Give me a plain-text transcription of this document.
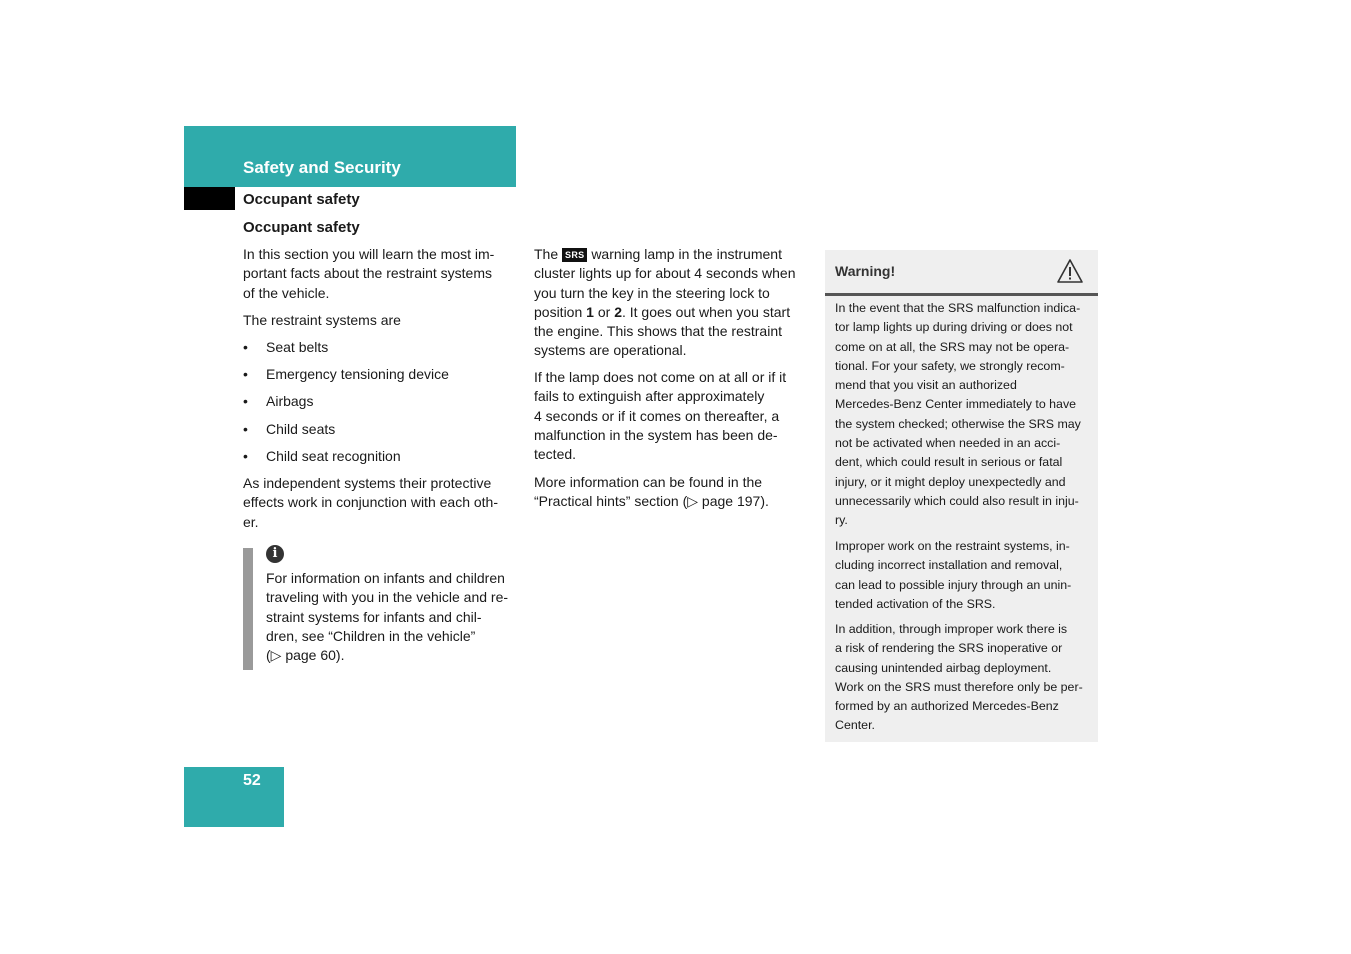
Safety and Security
Occupant safety
Occupant safety
In this section you will learn the most im-
portant facts about the restraint systems
of the vehicle.
The restraint systems are
• Seat belts
• Emergency tensioning device
• Airbags
• Child seats
• Child seat recognition
As independent systems their protective
effects work in conjunction with each oth-
er.
i
For information on infants and children
traveling with you in the vehicle and re-
straint systems for infants and chil-
dren, see “Children in the vehicle”
(▷ page 60).
The SRS warning lamp in the instrument
cluster lights up for about 4 seconds when
you turn the key in the steering lock to
position 1 or 2. It goes out when you start
the engine. This shows that the restraint
systems are operational.
If the lamp does not come on at all or if it
fails to extinguish after approximately
4 seconds or if it comes on thereafter, a
malfunction in the system has been de-
tected.
More information can be found in the
“Practical hints” section (▷ page 197).
Warning!
In the event that the SRS malfunction indica-
tor lamp lights up during driving or does not
come on at all, the SRS may not be opera-
tional. For your safety, we strongly recom-
mend that you visit an authorized
Mercedes-Benz Center immediately to have
the system checked; otherwise the SRS may
not be activated when needed in an acci-
dent, which could result in serious or fatal
injury, or it might deploy unexpectedly and
unnecessarily which could also result in inju-
ry.
Improper work on the restraint systems, in-
cluding incorrect installation and removal,
can lead to possible injury through an unin-
tended activation of the SRS.
In addition, through improper work there is
a risk of rendering the SRS inoperative or
causing unintended airbag deployment.
Work on the SRS must therefore only be per-
formed by an authorized Mercedes-Benz
Center.
52
